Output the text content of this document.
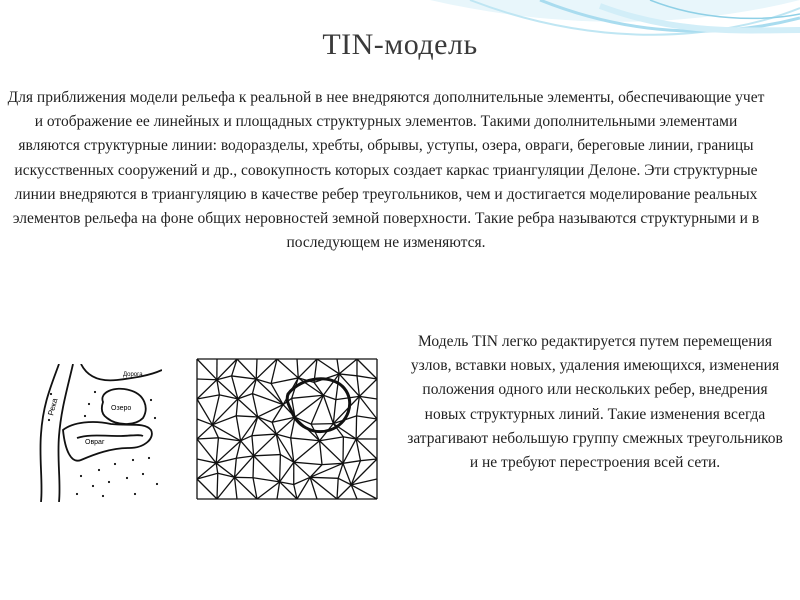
TIN-модель
Для приближения модели рельефа к реальной в нее внедряются дополнительные элементы, обеспечивающие учет и отображение ее линейных и площадных структурных элементов. Такими дополнительными элементами являются структурные линии: водоразделы, хребты, обрывы, уступы, озера, овраги, береговые линии, границы искусственных сооружений и др., совокупность которых создает каркас триангуляции Делоне. Эти структурные линии внедряются в триангуляцию в качестве ребер треугольников, чем и достигается моделирование реальных элементов рельефа на фоне общих неровностей земной поверхности. Такие ребра называются структурными и в последующем не изменяются.
Река
Дорога
Озеро
Овраг
Модель TIN легко редактируется путем перемещения узлов, вставки новых, удаления имеющихся, изменения положения одного или нескольких ребер, внедрения новых структурных линий. Такие изменения всегда затрагивают небольшую группу смежных треугольников и не требуют перестроения всей сети.
